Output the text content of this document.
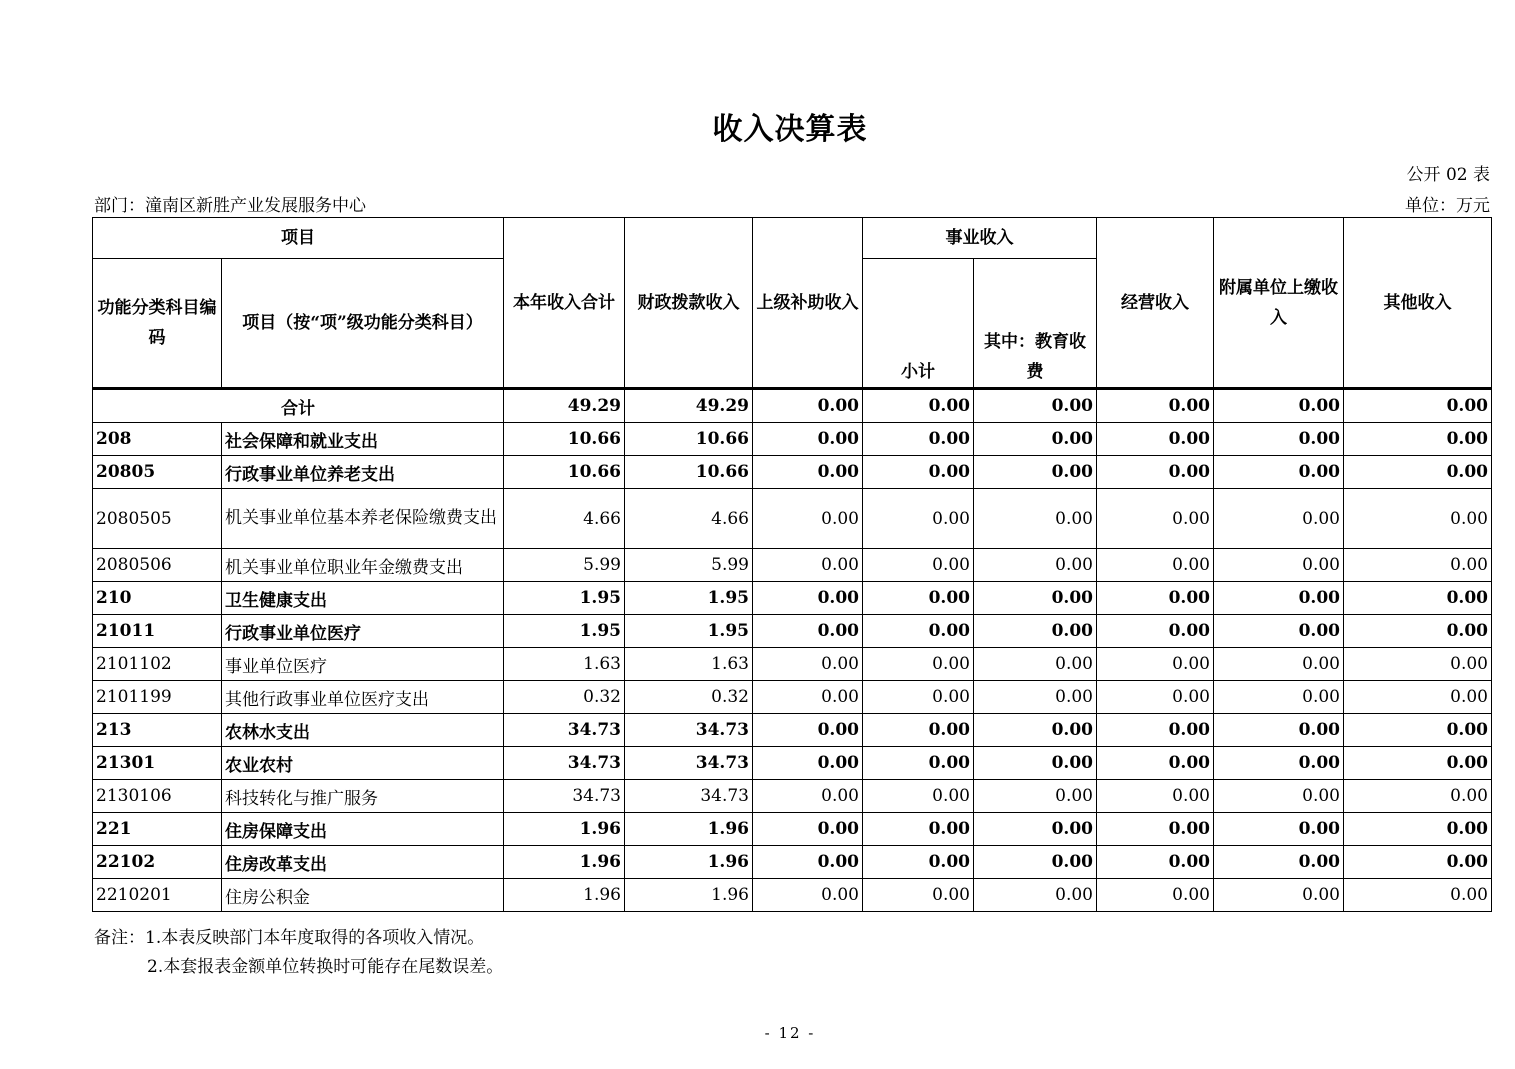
收入决算表
公开 02 表
部门：潼南区新胜产业发展服务中心	单位：万元
项目		本年收入合计	财政拨款收入	上级补助收入	事业收入		经营收入	附属单位上缴收入	其他收入
功能分类科目编码	项目（按“项”级功能分类科目）				小计	其中：教育收费			
合计		49.29	49.29	0.00	0.00	0.00	0.00	0.00	0.00
208	社会保障和就业支出	10.66	10.66	0.00	0.00	0.00	0.00	0.00	0.00
20805	行政事业单位养老支出	10.66	10.66	0.00	0.00	0.00	0.00	0.00	0.00
2080505	机关事业单位基本养老保险缴费支出	4.66	4.66	0.00	0.00	0.00	0.00	0.00	0.00
2080506	机关事业单位职业年金缴费支出	5.99	5.99	0.00	0.00	0.00	0.00	0.00	0.00
210	卫生健康支出	1.95	1.95	0.00	0.00	0.00	0.00	0.00	0.00
21011	行政事业单位医疗	1.95	1.95	0.00	0.00	0.00	0.00	0.00	0.00
2101102	事业单位医疗	1.63	1.63	0.00	0.00	0.00	0.00	0.00	0.00
2101199	其他行政事业单位医疗支出	0.32	0.32	0.00	0.00	0.00	0.00	0.00	0.00
213	农林水支出	34.73	34.73	0.00	0.00	0.00	0.00	0.00	0.00
21301	农业农村	34.73	34.73	0.00	0.00	0.00	0.00	0.00	0.00
2130106	科技转化与推广服务	34.73	34.73	0.00	0.00	0.00	0.00	0.00	0.00
221	住房保障支出	1.96	1.96	0.00	0.00	0.00	0.00	0.00	0.00
22102	住房改革支出	1.96	1.96	0.00	0.00	0.00	0.00	0.00	0.00
2210201	住房公积金	1.96	1.96	0.00	0.00	0.00	0.00	0.00	0.00
备注：1.本表反映部门本年度取得的各项收入情况。
2.本套报表金额单位转换时可能存在尾数误差。
- 12 -
